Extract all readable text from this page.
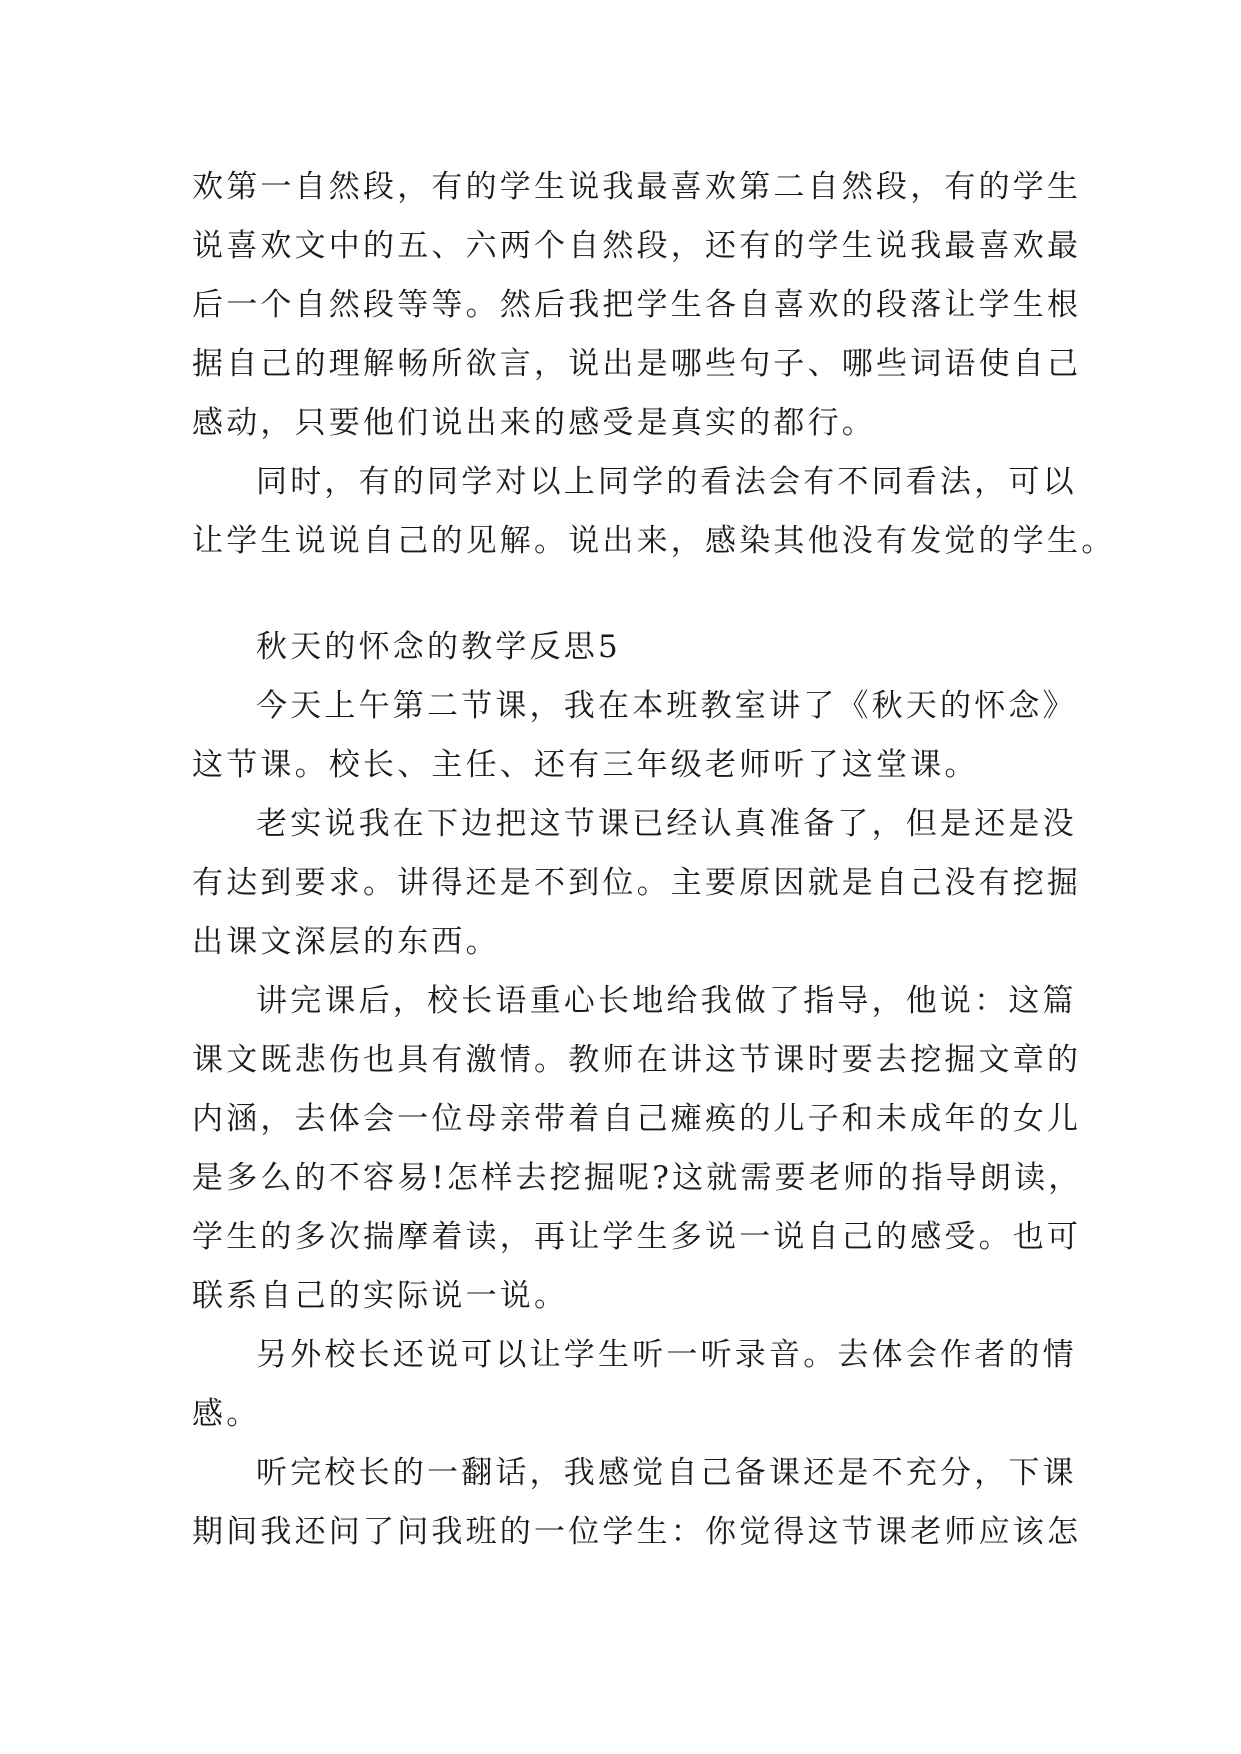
欢第一自然段，有的学生说我最喜欢第二自然段，有的学生
说喜欢文中的五、六两个自然段，还有的学生说我最喜欢最
后一个自然段等等。然后我把学生各自喜欢的段落让学生根
据自己的理解畅所欲言，说出是哪些句子、哪些词语使自己
感动，只要他们说出来的感受是真实的都行。

同时，有的同学对以上同学的看法会有不同看法，可以
让学生说说自己的见解。说出来，感染其他没有发觉的学生。

秋天的怀念的教学反思5

今天上午第二节课，我在本班教室讲了《秋天的怀念》
这节课。校长、主任、还有三年级老师听了这堂课。

老实说我在下边把这节课已经认真准备了，但是还是没
有达到要求。讲得还是不到位。主要原因就是自己没有挖掘
出课文深层的东西。

讲完课后，校长语重心长地给我做了指导，他说：这篇
课文既悲伤也具有激情。教师在讲这节课时要去挖掘文章的
内涵，去体会一位母亲带着自己瘫痪的儿子和未成年的女儿
是多么的不容易!怎样去挖掘呢?这就需要老师的指导朗读，
学生的多次揣摩着读，再让学生多说一说自己的感受。也可
联系自己的实际说一说。

另外校长还说可以让学生听一听录音。去体会作者的情
感。

听完校长的一翻话，我感觉自己备课还是不充分，下课
期间我还问了问我班的一位学生：你觉得这节课老师应该怎
